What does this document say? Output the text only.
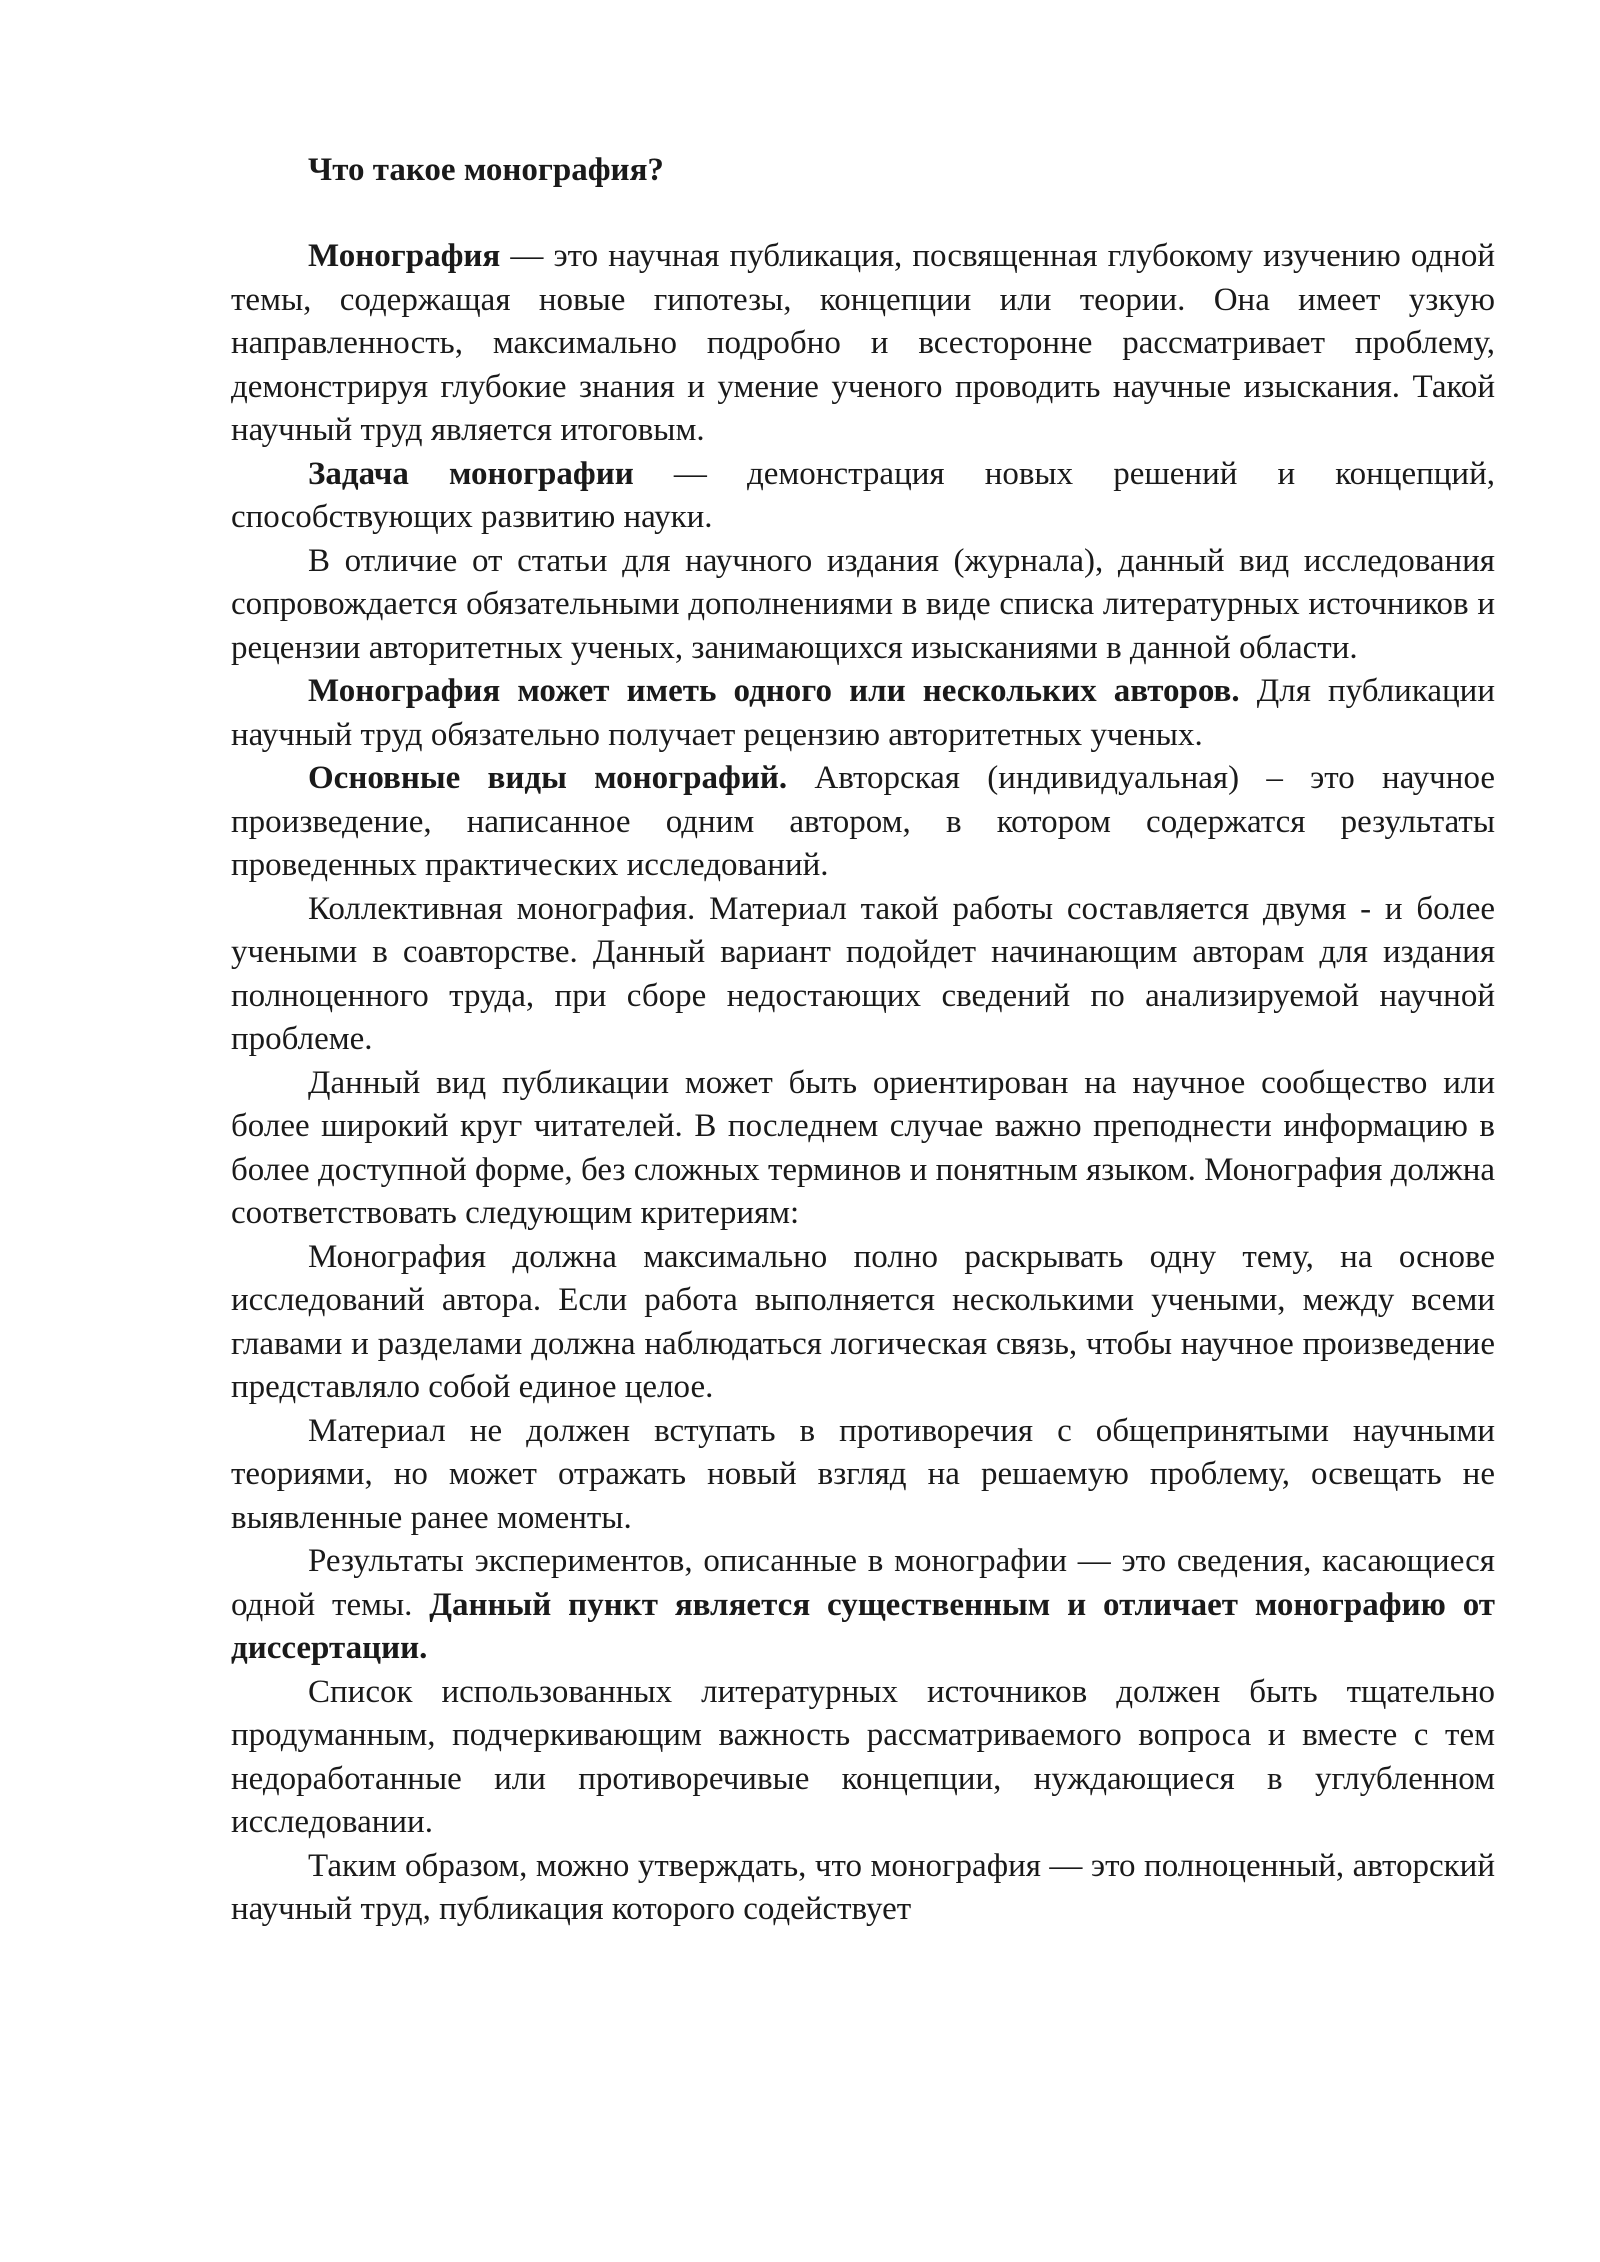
Что такое монография?

Монография — это научная публикация, посвященная глубокому изучению одной темы, содержащая новые гипотезы, концепции или теории. Она имеет узкую направленность, максимально подробно и всесторонне рассматривает проблему, демонстрируя глубокие знания и умение ученого проводить научные изыскания. Такой научный труд является итоговым.

Задача монографии — демонстрация новых решений и концепций, способствующих развитию науки.

В отличие от статьи для научного издания (журнала), данный вид исследования сопровождается обязательными дополнениями в виде списка литературных источников и рецензии авторитетных ученых, занимающихся изысканиями в данной области.

Монография может иметь одного или нескольких авторов. Для публикации научный труд обязательно получает рецензию авторитетных ученых.

Основные виды монографий. Авторская (индивидуальная) – это научное произведение, написанное одним автором, в котором содержатся результаты проведенных практических исследований.

Коллективная монография. Материал такой работы составляется двумя - и более учеными в соавторстве. Данный вариант подойдет начинающим авторам для издания полноценного труда, при сборе недостающих сведений по анализируемой научной проблеме.

Данный вид публикации может быть ориентирован на научное сообщество или более широкий круг читателей. В последнем случае важно преподнести информацию в более доступной форме, без сложных терминов и понятным языком. Монография должна соответствовать следующим критериям:

Монография должна максимально полно раскрывать одну тему, на основе исследований автора. Если работа выполняется несколькими учеными, между всеми главами и разделами должна наблюдаться логическая связь, чтобы научное произведение представляло собой единое целое.

Материал не должен вступать в противоречия с общепринятыми научными теориями, но может отражать новый взгляд на решаемую проблему, освещать не выявленные ранее моменты.

Результаты экспериментов, описанные в монографии — это сведения, касающиеся одной темы. Данный пункт является существенным и отличает монографию от диссертации.

Список использованных литературных источников должен быть тщательно продуманным, подчеркивающим важность рассматриваемого вопроса и вместе с тем недоработанные или противоречивые концепции, нуждающиеся в углубленном исследовании.

Таким образом, можно утверждать, что монография — это полноценный, авторский научный труд, публикация которого содействует
